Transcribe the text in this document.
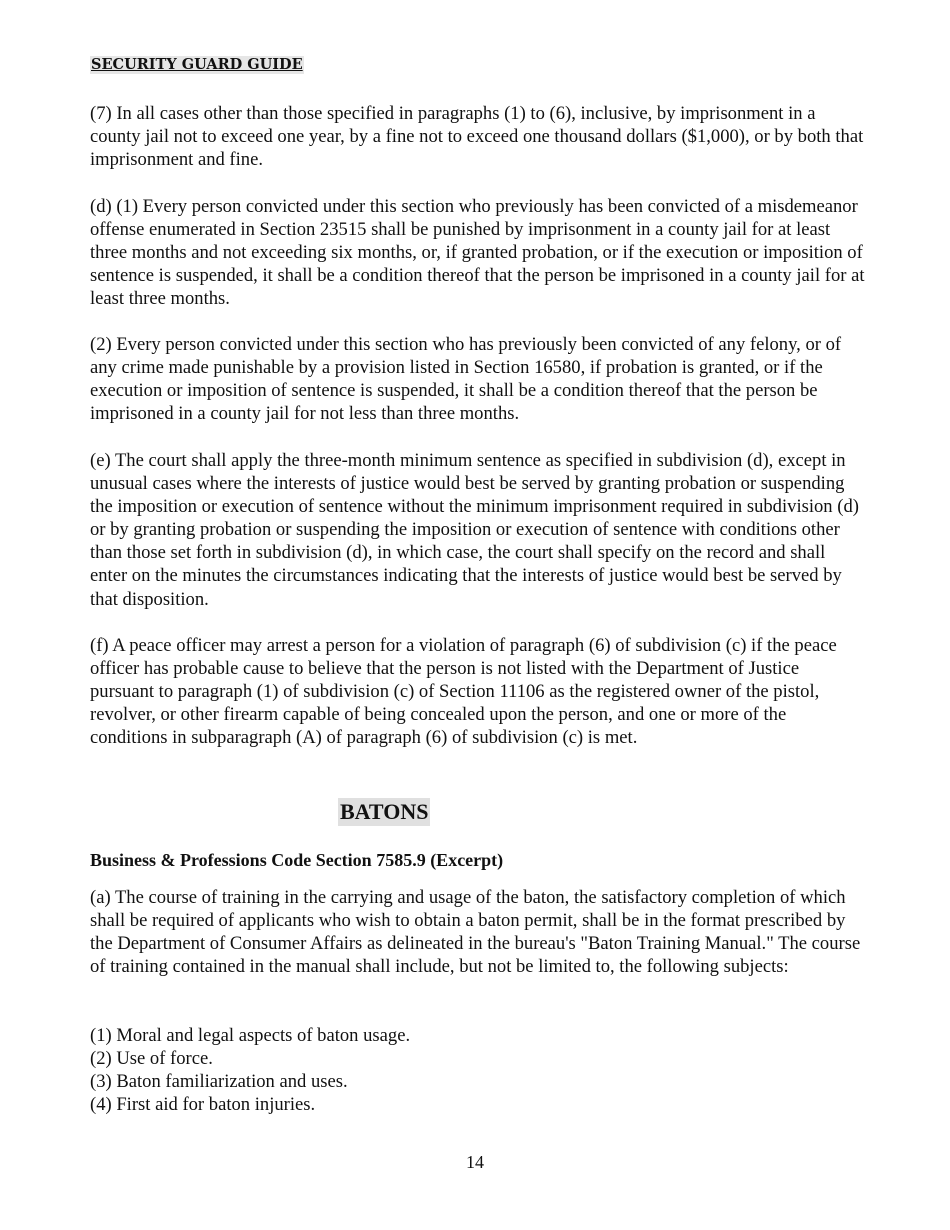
SECURITY GUARD GUIDE

(7) In all cases other than those specified in paragraphs (1) to (6), inclusive, by imprisonment in a county jail not to exceed one year, by a fine not to exceed one thousand dollars ($1,000), or by both that imprisonment and fine.

(d) (1) Every person convicted under this section who previously has been convicted of a misdemeanor offense enumerated in Section 23515 shall be punished by imprisonment in a county jail for at least three months and not exceeding six months, or, if granted probation, or if the execution or imposition of sentence is suspended, it shall be a condition thereof that the person be imprisoned in a county jail for at least three months.

(2) Every person convicted under this section who has previously been convicted of any felony, or of any crime made punishable by a provision listed in Section 16580, if probation is granted, or if the execution or imposition of sentence is suspended, it shall be a condition thereof that the person be imprisoned in a county jail for not less than three months.

(e) The court shall apply the three-month minimum sentence as specified in subdivision (d), except in unusual cases where the interests of justice would best be served by granting probation or suspending the imposition or execution of sentence without the minimum imprisonment required in subdivision (d) or by granting probation or suspending the imposition or execution of sentence with conditions other than those set forth in subdivision (d), in which case, the court shall specify on the record and shall enter on the minutes the circumstances indicating that the interests of justice would best be served by that disposition.

(f) A peace officer may arrest a person for a violation of paragraph (6) of subdivision (c) if the peace officer has probable cause to believe that the person is not listed with the Department of Justice pursuant to paragraph (1) of subdivision (c) of Section 11106 as the registered owner of the pistol, revolver, or other firearm capable of being concealed upon the person, and one or more of the conditions in subparagraph (A) of paragraph (6) of subdivision (c) is met.

BATONS
Business & Professions Code Section 7585.9 (Excerpt)

(a) The course of training in the carrying and usage of the baton, the satisfactory completion of which shall be required of applicants who wish to obtain a baton permit, shall be in the format prescribed by the Department of Consumer Affairs as delineated in the bureau's "Baton Training Manual." The course of training contained in the manual shall include, but not be limited to, the following subjects:

(1) Moral and legal aspects of baton usage.
(2) Use of force.
(3) Baton familiarization and uses.
(4) First aid for baton injuries.
14
